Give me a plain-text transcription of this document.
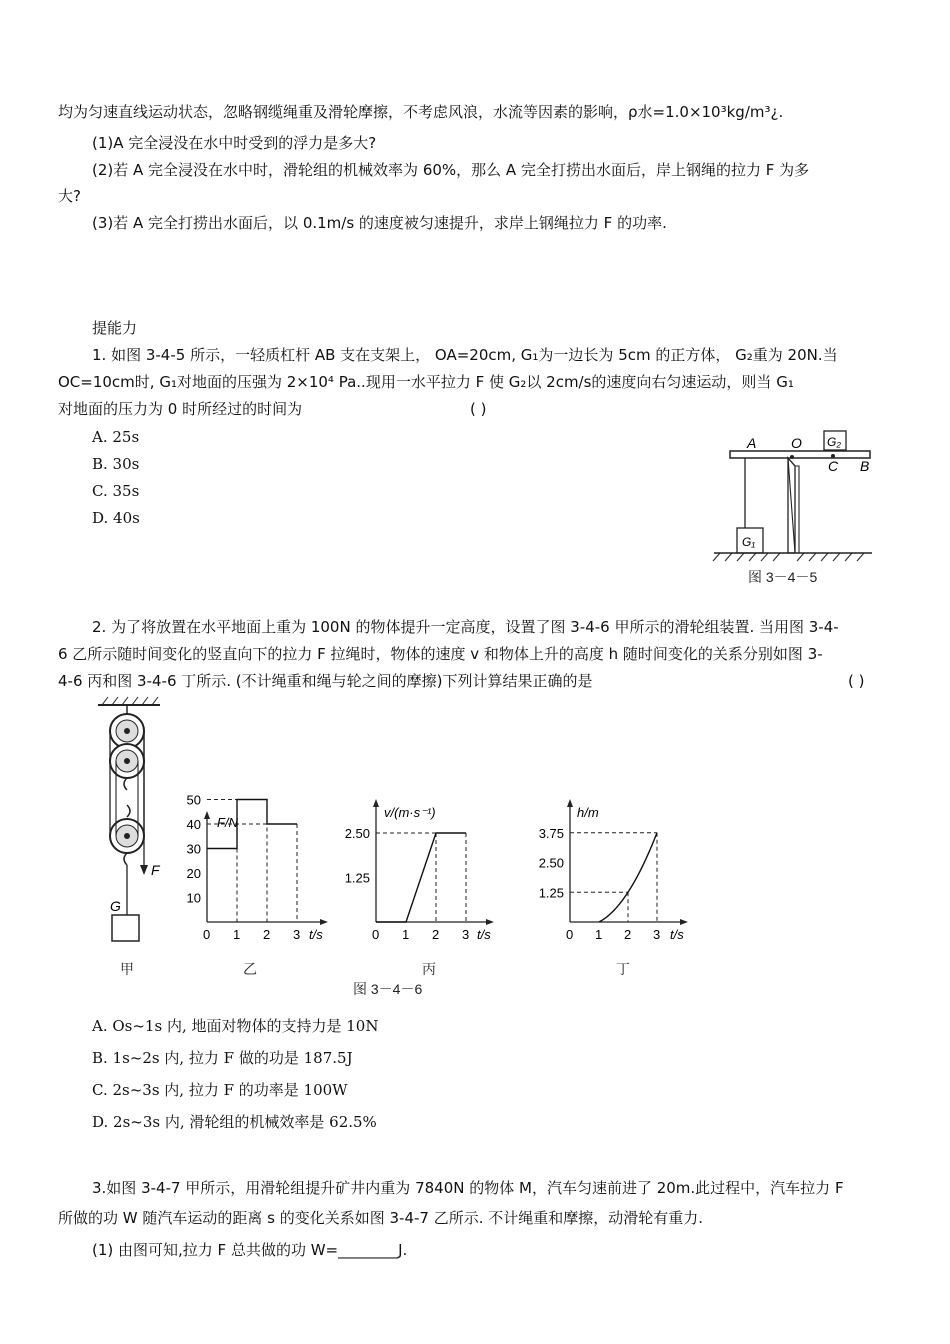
均为匀速直线运动状态，忽略钢缆绳重及滑轮摩擦，不考虑风浪，水流等因素的影响，ρ水=1.0×10³kg/m³¿.
(1)A 完全浸没在水中时受到的浮力是多大?
(2)若 A 完全浸没在水中时，滑轮组的机械效率为 60%，那么 A 完全打捞出水面后，岸上钢绳的拉力 F 为多
大?
(3)若 A 完全打捞出水面后，以 0.1m/s 的速度被匀速提升，求岸上钢绳拉力 F 的功率.
提能力
1. 如图 3-4-5 所示，一轻质杠杆 AB 支在支架上， OA=20cm, G₁为一边长为 5cm 的正方体， G₂重为 20N.当
OC=10cm时, G₁对地面的压强为 2×10⁴ Pa..现用一水平拉力 F 使 G₂以 2cm/s的速度向右匀速运动，则当 G₁
对地面的压力为 0 时所经过的时间为	( )
A. 25s
B. 30s
C. 35s
D. 40s
A O
C B
G₂
G₁
图 3－4－5
2. 为了将放置在水平地面上重为 100N 的物体提升一定高度，设置了图 3-4-6 甲所示的滑轮组装置. 当用图 3-4-
6 乙所示随时间变化的竖直向下的拉力 F 拉绳时，物体的速度 v 和物体上升的高度 h 随时间变化的关系分别如图 3-
4-6 丙和图 3-4-6 丁所示. (不计绳重和绳与轮之间的摩擦)下列计算结果正确的是	( )
F
G
甲
F/N
t/s
0 1 2 3
50
40
30
20
10
乙
v/(m·s⁻¹)
t/s
0 1 2 3
2.50
1.25
丙
h/m
t/s
0 1 2 3
3.75
2.50
1.25
丁
图 3－4－6
A. Os~1s 内, 地面对物体的支持力是 10N
B. 1s~2s 内, 拉力 F 做的功是 187.5J
C. 2s~3s 内, 拉力 F 的功率是 100W
D. 2s~3s 内, 滑轮组的机械效率是 62.5%
3.如图 3-4-7 甲所示，用滑轮组提升矿井内重为 7840N 的物体 M，汽车匀速前进了 20m.此过程中，汽车拉力 F
所做的功 W 随汽车运动的距离 s 的变化关系如图 3-4-7 乙所示. 不计绳重和摩擦，动滑轮有重力.
(1) 由图可知,拉力 F 总共做的功 W=________J.
